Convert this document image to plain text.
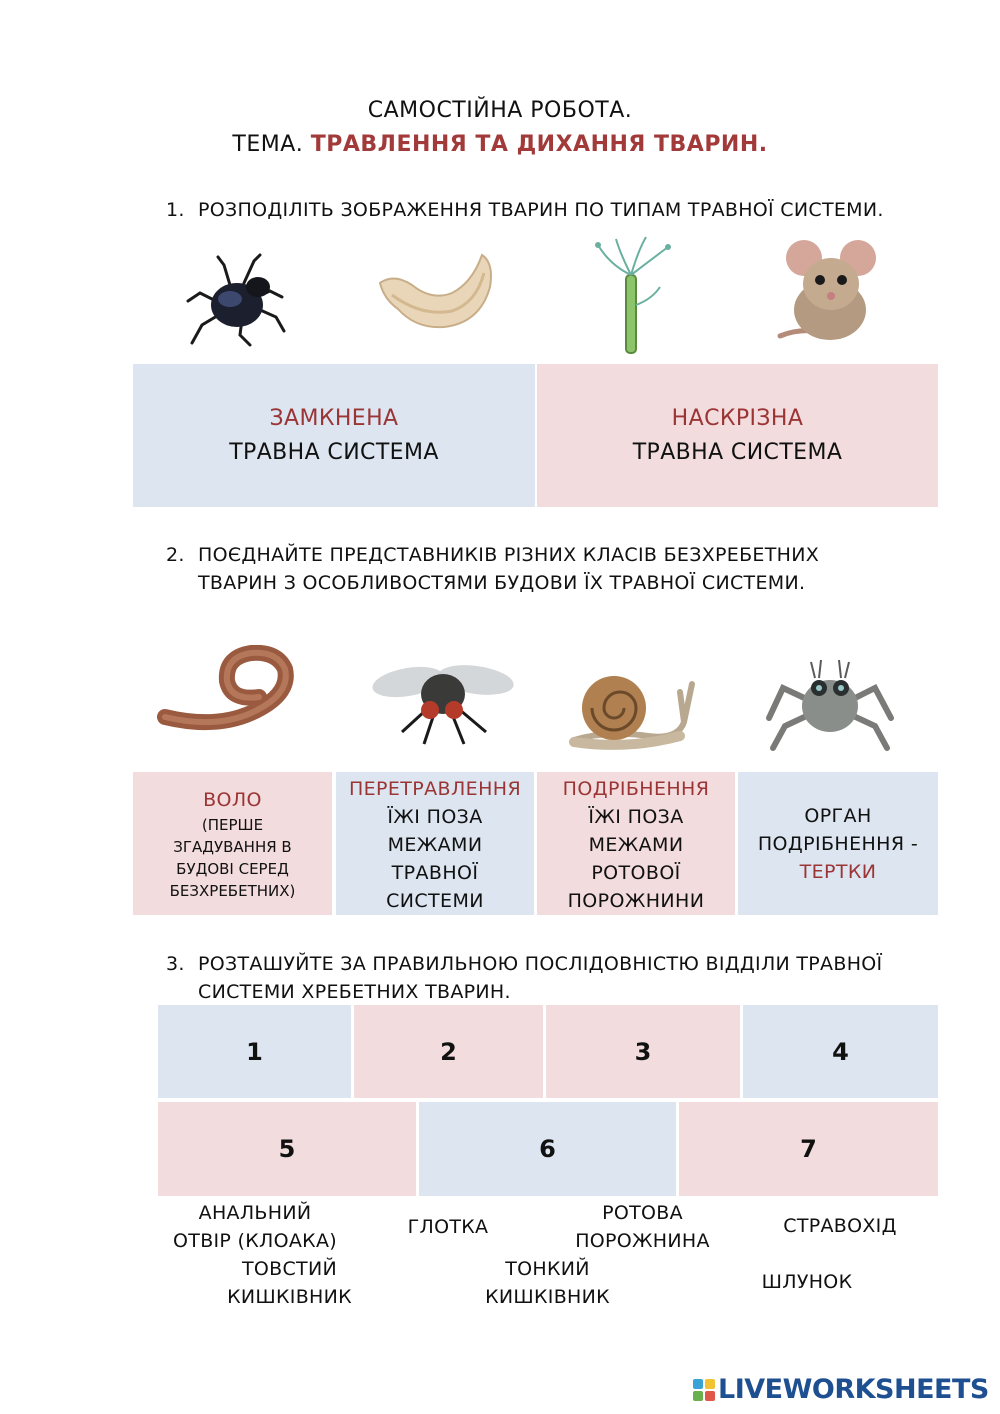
САМОСТІЙНА РОБОТА.
ТЕМА. ТРАВЛЕННЯ ТА ДИХАННЯ ТВАРИН.
1. РОЗПОДІЛІТЬ ЗОБРАЖЕННЯ ТВАРИН ПО ТИПАМ ТРАВНОЇ СИСТЕМИ.
ЗАМКНЕНА
ТРАВНА СИСТЕМА
НАСКРІЗНА
ТРАВНА СИСТЕМА
2. ПОЄДНАЙТЕ ПРЕДСТАВНИКІВ РІЗНИХ КЛАСІВ БЕЗХРЕБЕТНИХ
ТВАРИН З ОСОБЛИВОСТЯМИ БУДОВИ ЇХ ТРАВНОЇ СИСТЕМИ.
ВОЛО
(ПЕРШЕ
ЗГАДУВАННЯ В
БУДОВІ СЕРЕД
БЕЗХРЕБЕТНИХ)
ПЕРЕТРАВЛЕННЯ
ЇЖІ ПОЗА
МЕЖАМИ
ТРАВНОЇ
СИСТЕМИ
ПОДРІБНЕННЯ
ЇЖІ ПОЗА
МЕЖАМИ
РОТОВОЇ
ПОРОЖНИНИ
ОРГАН
ПОДРІБНЕННЯ -
ТЕРТКИ
3. РОЗТАШУЙТЕ ЗА ПРАВИЛЬНОЮ ПОСЛІДОВНІСТЮ ВІДДІЛИ ТРАВНОЇ
СИСТЕМИ ХРЕБЕТНИХ ТВАРИН.
1	2	3	4
5	6	7
АНАЛЬНИЙ
ОТВІР (КЛОАКА)
ГЛОТКА
РОТОВА
ПОРОЖНИНА
СТРАВОХІД
ТОВСТИЙ
КИШКІВНИК
ТОНКИЙ
КИШКІВНИК
ШЛУНОК
LIVEWORKSHEETS
